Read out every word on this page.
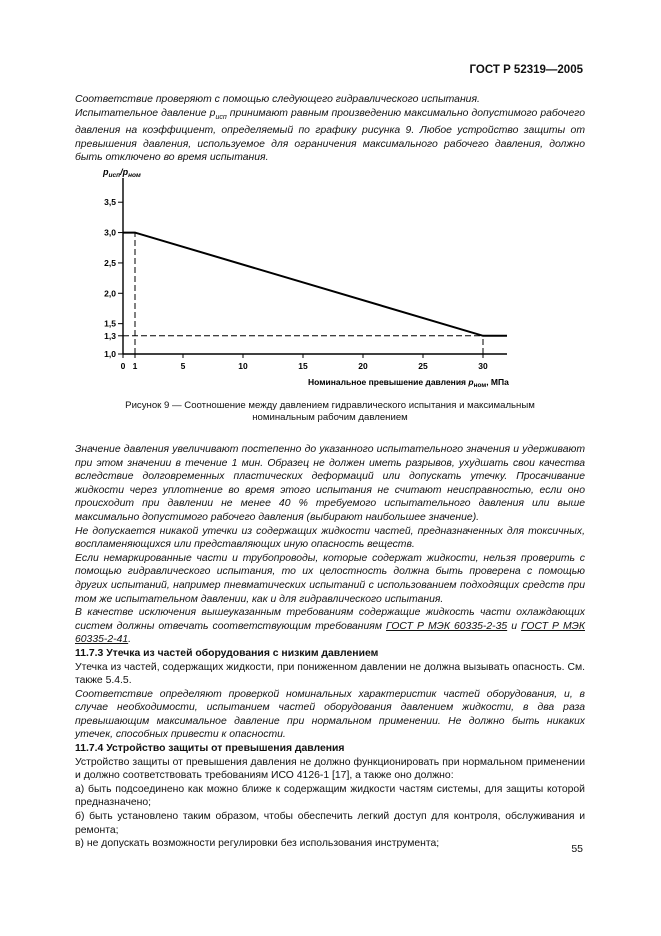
ГОСТ Р 52319—2005

Соответствие проверяют с помощью следующего гидравлического испытания.

Испытательное давление $p_{исп}$ принимают равным произведению максимально допустимого рабочего давления на коэффициент, определяемый по графику рисунка 9. Любое устройство защиты от превышения давления, используемое для ограничения максимального рабочего давления, должно быть отключено во время испытания.

1,0
1,3
1,5
2,0
2,5
3,0
3,5
0 1	5	10	15	20	25	30
$p_{исп}/p_{ном}$
Номинальное превышение давления $p_{ном}$, МПа
Рисунок 9 — Соотношение между давлением гидравлического испытания и максимальным
номинальным рабочим давлением

Значение давления увеличивают постепенно до указанного испытательного значения и удерживают при этом значении в течение 1 мин. Образец не должен иметь разрывов, ухудшать свои качества вследствие долговременных пластических деформаций или допускать утечку. Просачивание жидкости через уплотнение во время этого испытания не считают неисправностью, если оно происходит при давлении не менее 40 % требуемого испытательного давления или выше максимально допустимого рабочего давления (выбирают наибольшее значение).

Не допускается никакой утечки из содержащих жидкости частей, предназначенных для токсичных, воспламеняющихся или представляющих иную опасность веществ.

Если немаркированные части и трубопроводы, которые содержат жидкости, нельзя проверить с помощью гидравлического испытания, то их целостность должна быть проверена с помощью других испытаний, например пневматических испытаний с использованием подходящих средств при том же испытательном давлении, как и для гидравлического испытания.

В качестве исключения вышеуказанным требованиям содержащие жидкость части охлаждающих систем должны отвечать соответствующим требованиям ГОСТ Р МЭК 60335-2-35 и ГОСТ Р МЭК 60335-2-41.

11.7.3 Утечка из частей оборудования с низким давлением

Утечка из частей, содержащих жидкости, при пониженном давлении не должна вызывать опасность. См. также 5.4.5.

Соответствие определяют проверкой номинальных характеристик частей оборудования, и, в случае необходимости, испытанием частей оборудования давлением жидкости, в два раза превышающим максимальное давление при нормальном применении. Не должно быть никаких утечек, способных привести к опасности.

11.7.4 Устройство защиты от превышения давления

Устройство защиты от превышения давления не должно функционировать при нормальном применении и должно соответствовать требованиям ИСО 4126-1 [17], а также оно должно:

а) быть подсоединено как можно ближе к содержащим жидкости частям системы, для защиты которой предназначено;

б) быть установлено таким образом, чтобы обеспечить легкий доступ для контроля, обслуживания и ремонта;

в) не допускать возможности регулировки без использования инструмента;	55
